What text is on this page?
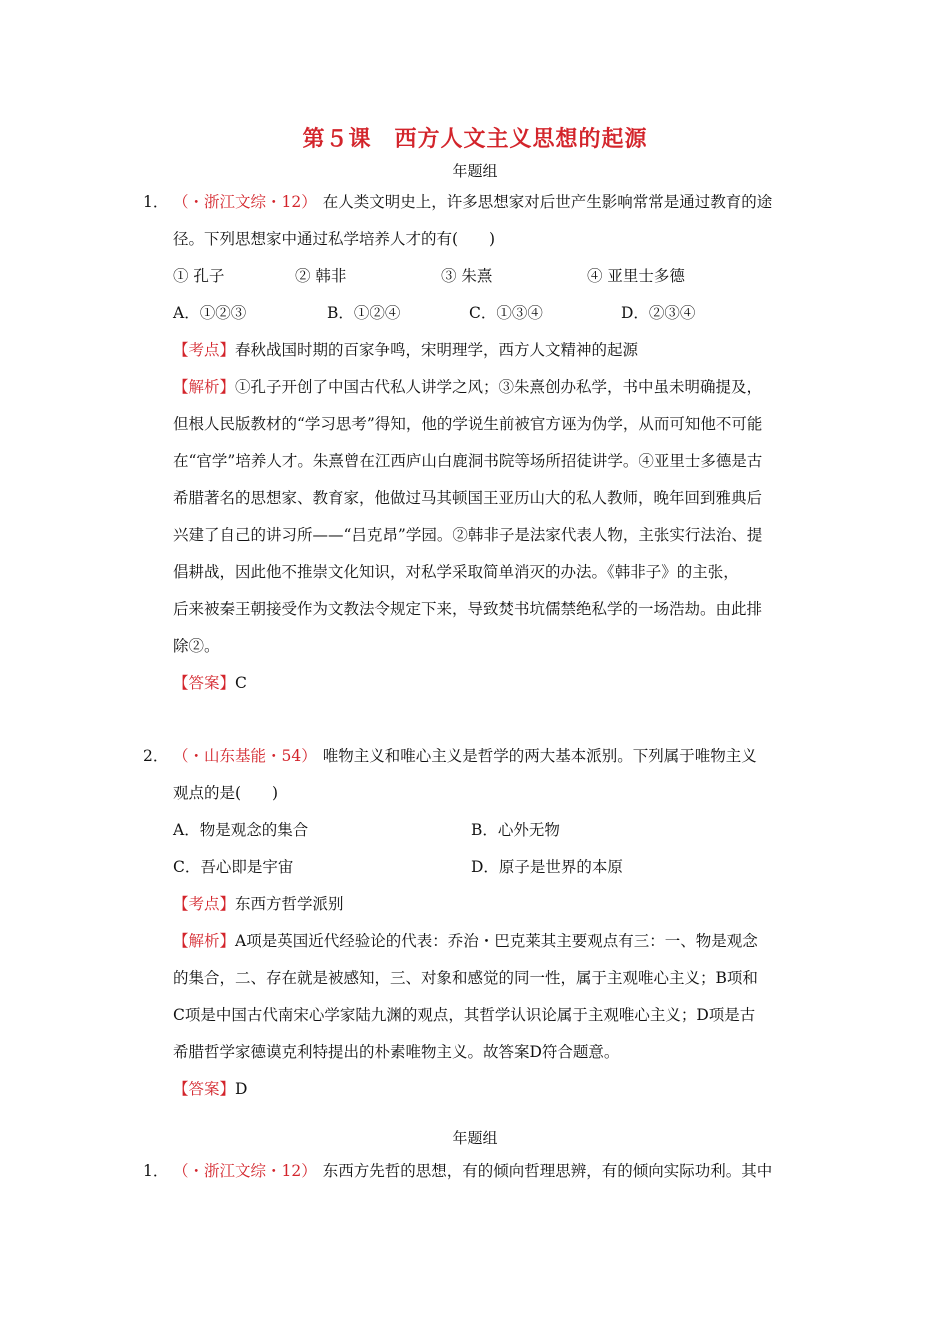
第５课　西方人文主义思想的起源
年题组

1． （・浙江文综・12） 在人类文明史上，许多思想家对后世产生影响常常是通过教育的途

径。下列思想家中通过私学培养人才的有(　　)

① 孔子	② 韩非	③ 朱熹	④ 亚里士多德

A．①②③	B．①②④	C．①③④	D．②③④

【考点】春秋战国时期的百家争鸣，宋明理学，西方人文精神的起源

【解析】①孔子开创了中国古代私人讲学之风；③朱熹创办私学，书中虽未明确提及，

但根人民版教材的“学习思考”得知，他的学说生前被官方诬为伪学，从而可知他不可能

在“官学”培养人才。朱熹曾在江西庐山白鹿洞书院等场所招徒讲学。④亚里士多德是古

希腊著名的思想家、教育家，他做过马其顿国王亚历山大的私人教师，晚年回到雅典后

兴建了自己的讲习所——“吕克昂”学园。②韩非子是法家代表人物，主张实行法治、提

倡耕战，因此他不推崇文化知识，对私学采取简单消灭的办法。《韩非子》的主张，

后来被秦王朝接受作为文教法令规定下来，导致焚书坑儒禁绝私学的一场浩劫。由此排

除②。

【答案】C

2． （・山东基能・54） 唯物主义和唯心主义是哲学的两大基本派别。下列属于唯物主义

观点的是(　　)

A．物是观念的集合	B．心外无物

C．吾心即是宇宙	D．原子是世界的本原

【考点】东西方哲学派别

【解析】A项是英国近代经验论的代表：乔治・巴克莱其主要观点有三：一、物是观念

的集合，二、存在就是被感知，三、对象和感觉的同一性，属于主观唯心主义；B项和

C项是中国古代南宋心学家陆九渊的观点，其哲学认识论属于主观唯心主义；D项是古

希腊哲学家德谟克利特提出的朴素唯物主义。故答案D符合题意。

【答案】D

年题组

1． （・浙江文综・12） 东西方先哲的思想，有的倾向哲理思辨，有的倾向实际功利。其中
